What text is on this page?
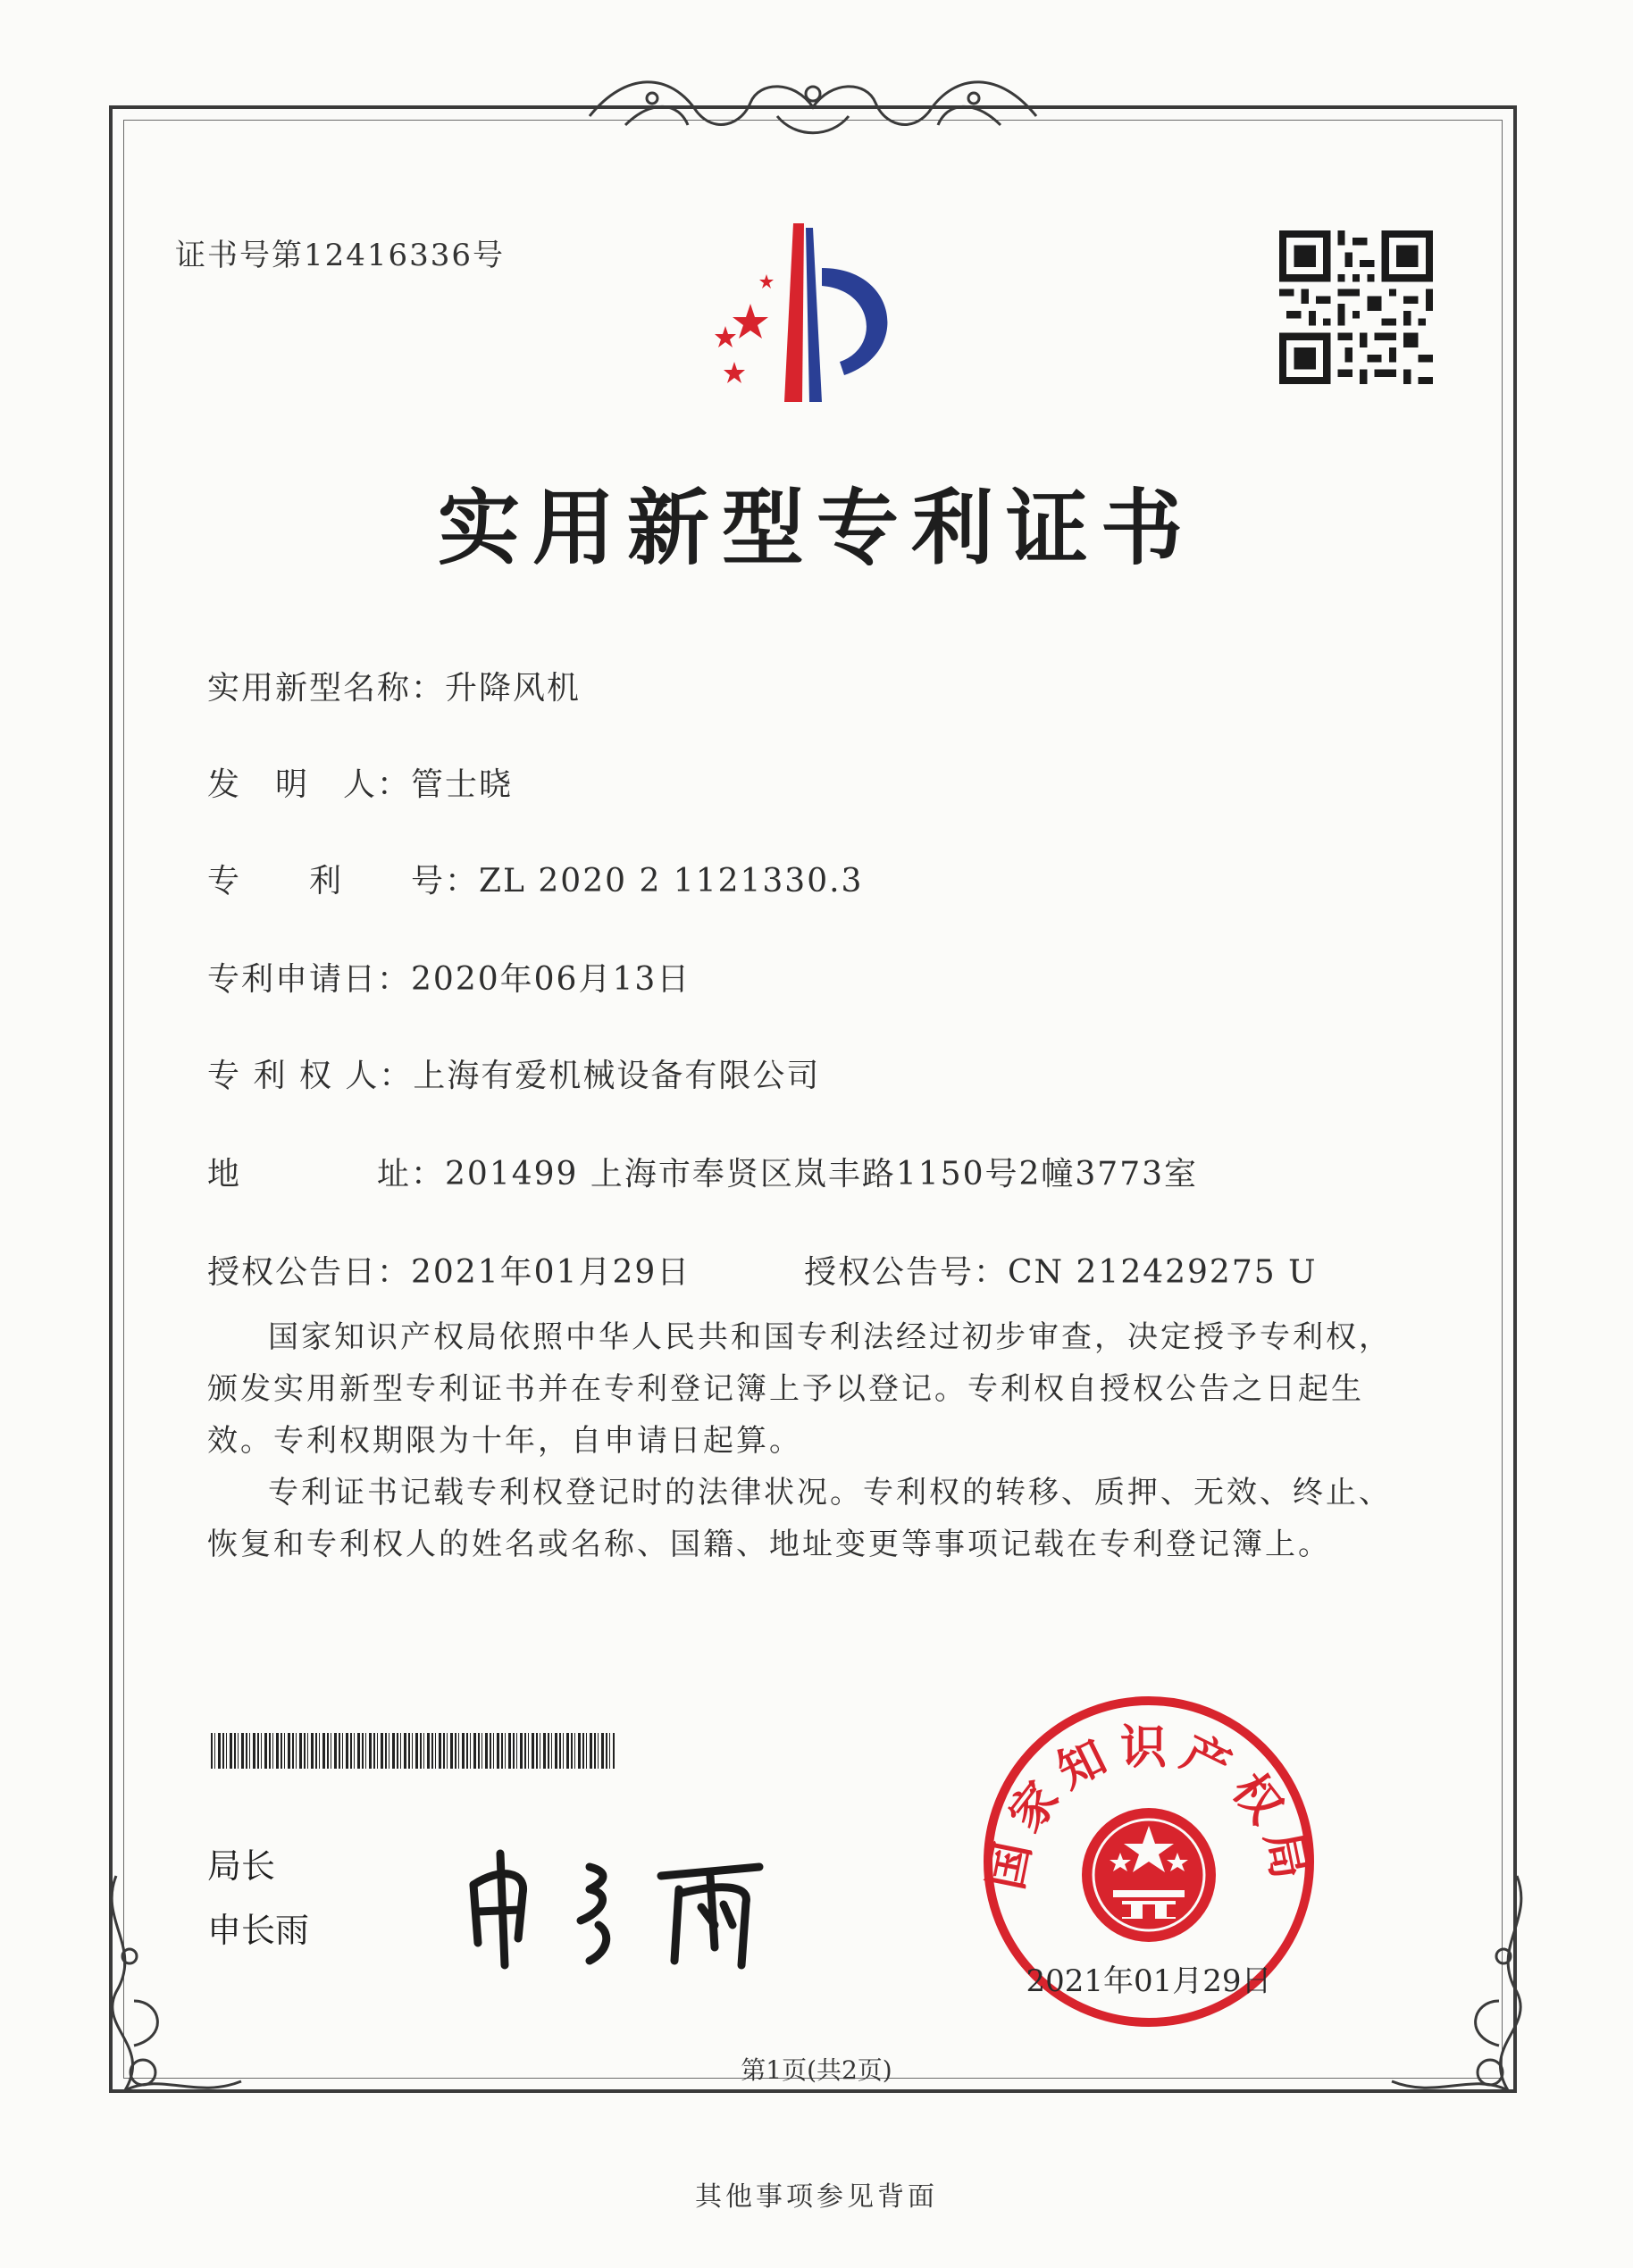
证书号第12416336号
实用新型专利证书
实用新型名称：升降风机
发　明　人：管士晓
专　　利　　号：ZL 2020 2 1121330.3
专利申请日：2020年06月13日
专 利 权 人：上海有爱机械设备有限公司
地　　　　址：201499 上海市奉贤区岚丰路1150号2幢3773室
授权公告日：2021年01月29日	授权公告号：CN 212429275 U

国家知识产权局依照中华人民共和国专利法经过初步审查，决定授予专利权，颁发实用新型专利证书并在专利登记簿上予以登记。专利权自授权公告之日起生效。专利权期限为十年，自申请日起算。

专利证书记载专利权登记时的法律状况。专利权的转移、质押、无效、终止、恢复和专利权人的姓名或名称、国籍、地址变更等事项记载在专利登记簿上。

局长
申长雨
国家知识产权局
2021年01月29日
第1页(共2页)
其他事项参见背面
